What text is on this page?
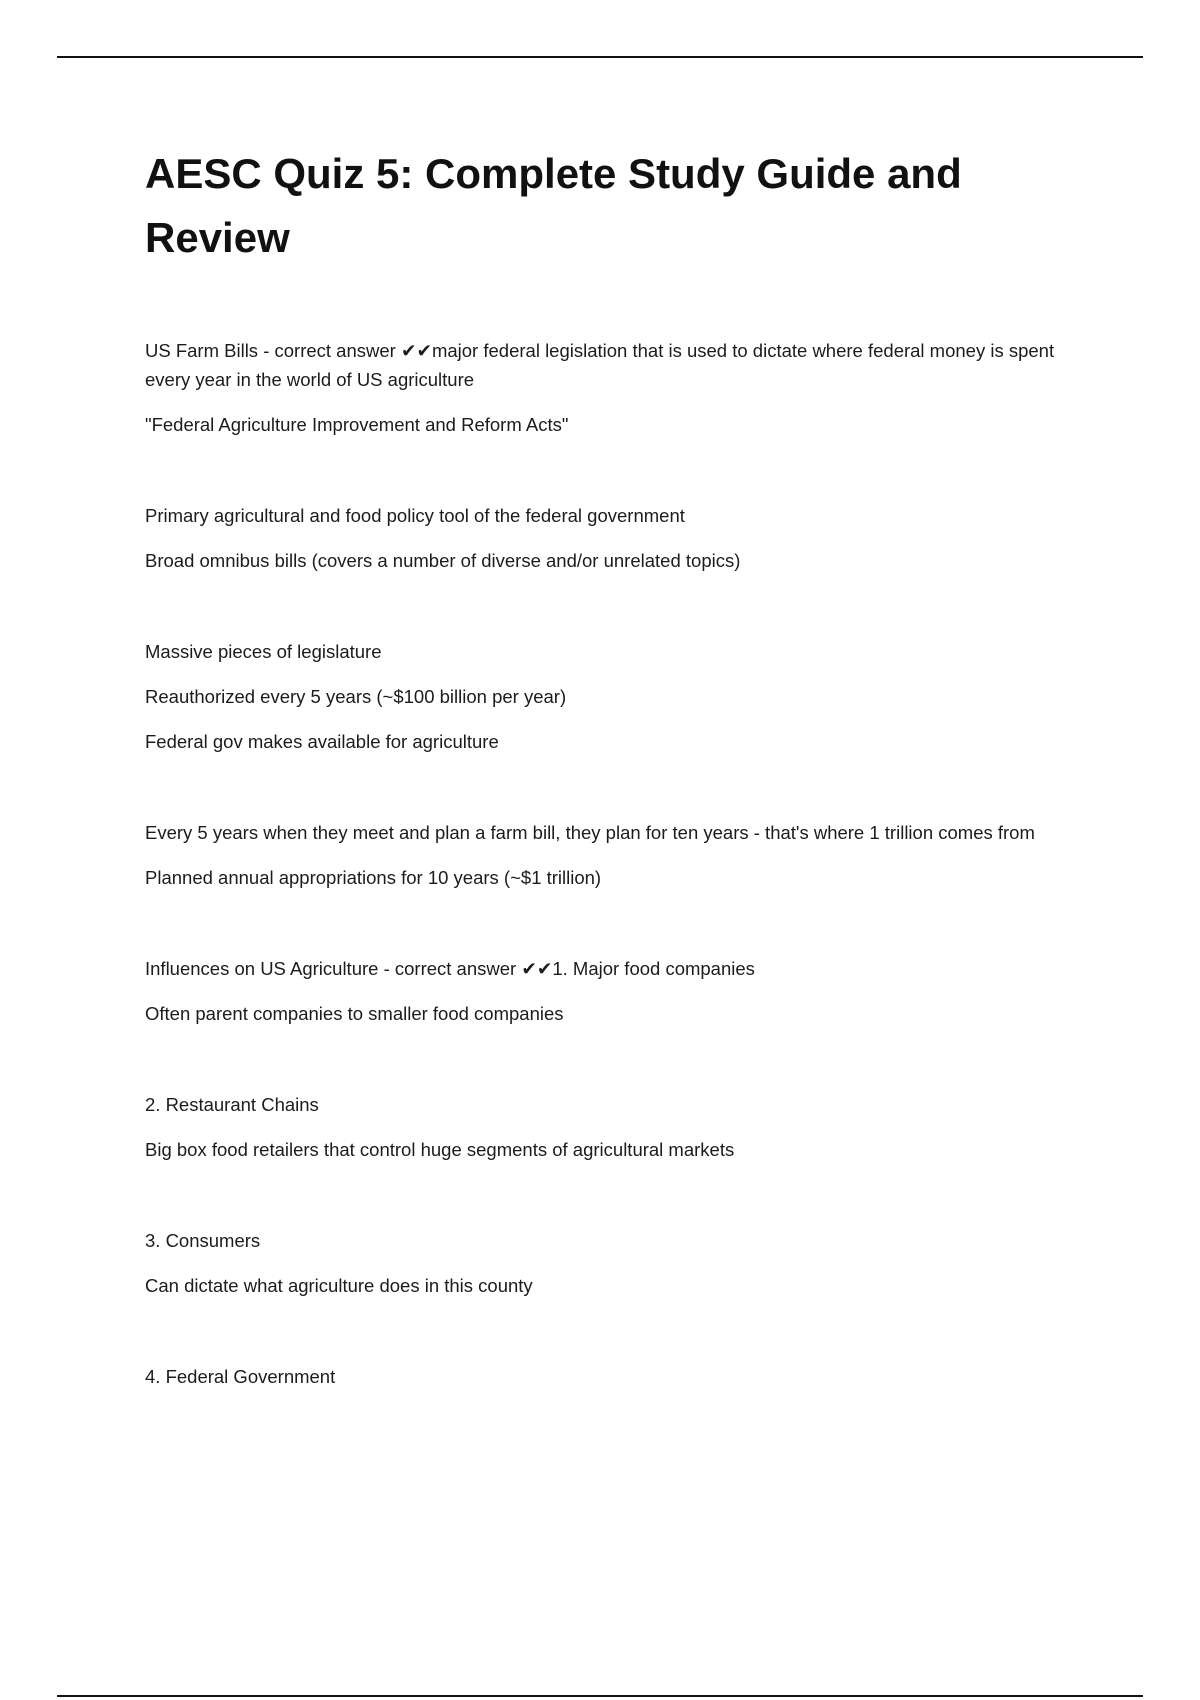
AESC Quiz 5: Complete Study Guide and Review

US Farm Bills - correct answer ✔✔major federal legislation that is used to dictate where federal money is spent every year in the world of US agriculture

"Federal Agriculture Improvement and Reform Acts"

Primary agricultural and food policy tool of the federal government

Broad omnibus bills (covers a number of diverse and/or unrelated topics)

Massive pieces of legislature

Reauthorized every 5 years (~$100 billion per year)

Federal gov makes available for agriculture

Every 5 years when they meet and plan a farm bill, they plan for ten years - that's where 1 trillion comes from

Planned annual appropriations for 10 years (~$1 trillion)

Influences on US Agriculture - correct answer ✔✔1. Major food companies

Often parent companies to smaller food companies

2. Restaurant Chains

Big box food retailers that control huge segments of agricultural markets

3. Consumers

Can dictate what agriculture does in this county

4. Federal Government
